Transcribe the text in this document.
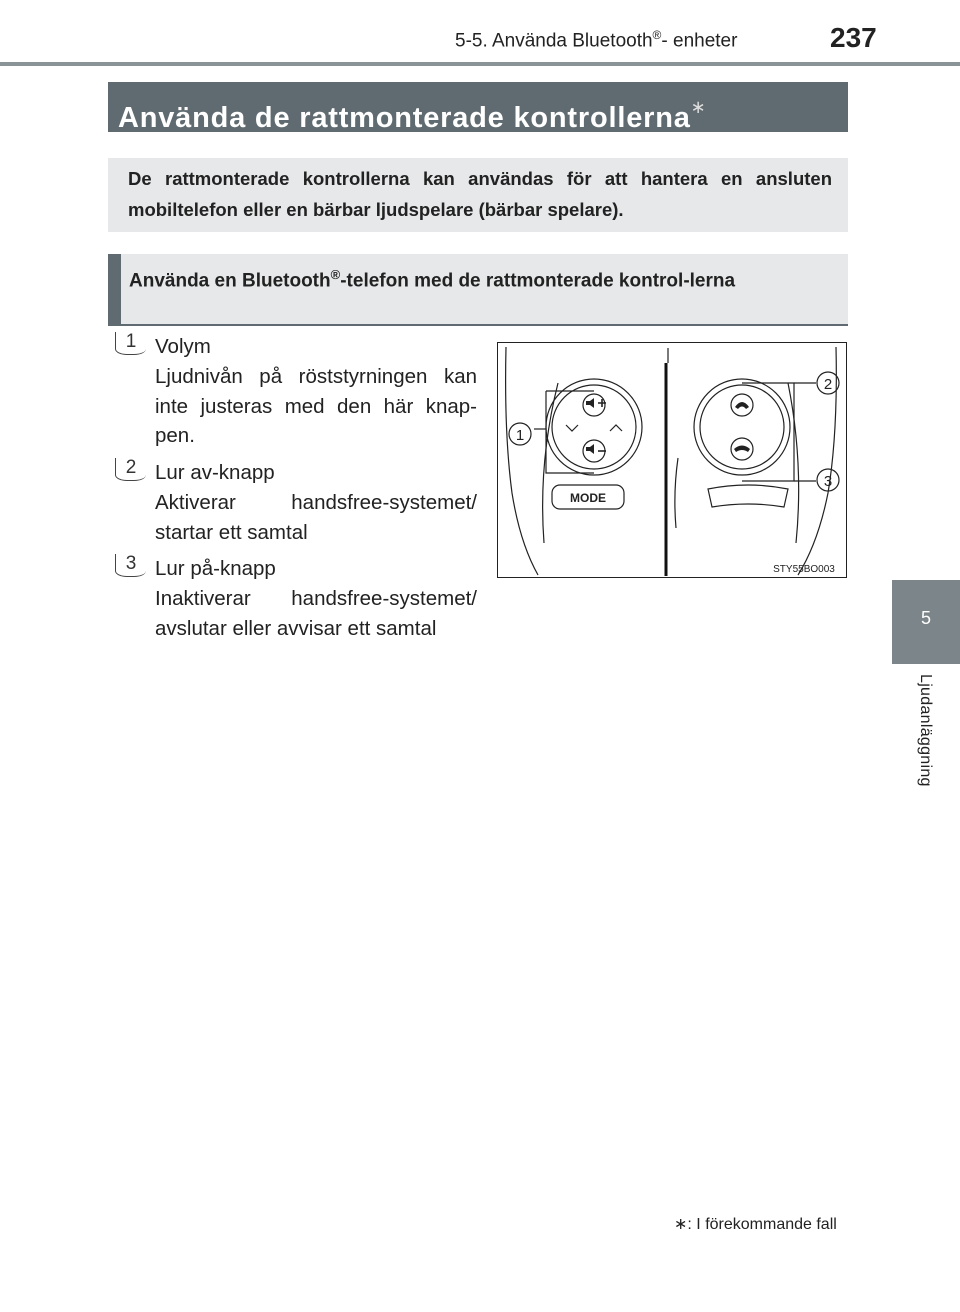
5-5. Använda Bluetooth®- enheter	237
5
Ljudanläggning
Använda de rattmonterade kontrollerna∗
De rattmonterade kontrollerna kan användas för att hantera en ansluten mobiltelefon eller en bärbar ljudspelare (bärbar spelare).
Använda en Bluetooth®-telefon med de rattmonterade kontrol-lerna
1 Volym
Ljudnivån på röststyrningen kan inte justeras med den här knap-pen.
2 Lur av-knapp
Aktiverar handsfree-systemet/ startar ett samtal
3 Lur på-knapp
Inaktiverar handsfree-systemet/ avslutar eller avvisar ett samtal
MODE
1
2
3
STY55BO003
∗: I förekommande fall
